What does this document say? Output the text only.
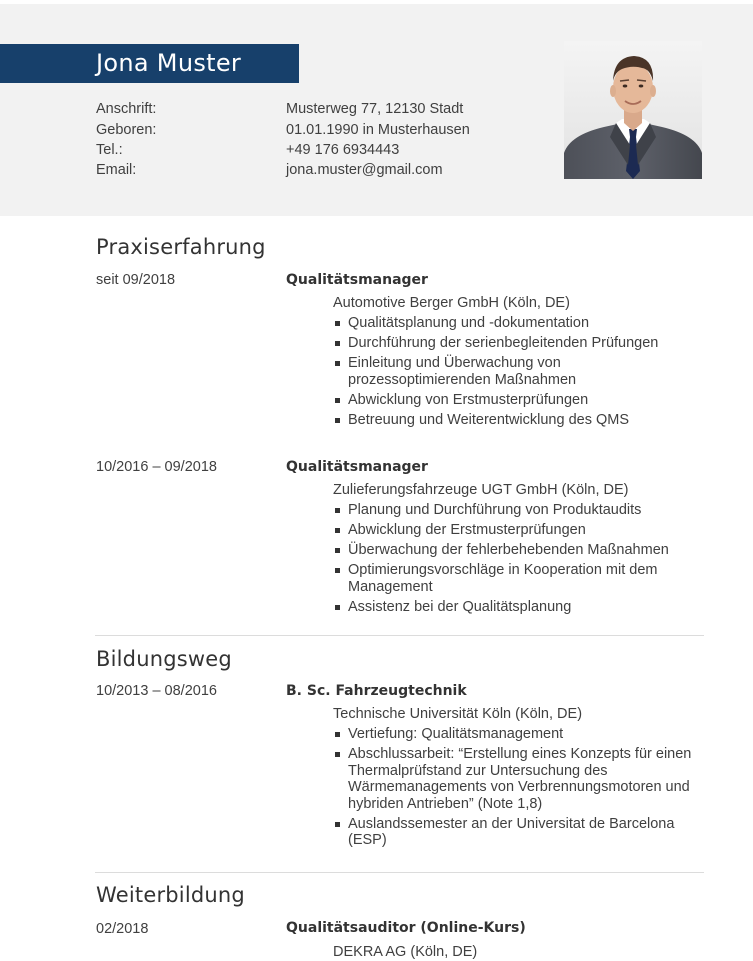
Jona Muster
Anschrift:	Musterweg 77, 12130 Stadt
Geboren:	01.01.1990 in Musterhausen
Tel.:	+49 176 6934443
Email:	jona.muster@gmail.com
Praxiserfahrung
seit 09/2018	Qualitätsmanager
Automotive Berger GmbH (Köln, DE)
Qualitätsplanung und -dokumentation
Durchführung der serienbegleitenden Prüfungen
Einleitung und Überwachung von prozessoptimierenden Maßnahmen
Abwicklung von Erstmusterprüfungen
Betreuung und Weiterentwicklung des QMS
10/2016 – 09/2018	Qualitätsmanager
Zulieferungsfahrzeuge UGT GmbH (Köln, DE)
Planung und Durchführung von Produktaudits
Abwicklung der Erstmusterprüfungen
Überwachung der fehlerbehebenden Maßnahmen
Optimierungsvorschläge in Kooperation mit dem Management
Assistenz bei der Qualitätsplanung
Bildungsweg
10/2013 – 08/2016	B. Sc. Fahrzeugtechnik
Technische Universität Köln (Köln, DE)
Vertiefung: Qualitätsmanagement
Abschlussarbeit: “Erstellung eines Konzepts für einen Thermalprüfstand zur Untersuchung des Wärmemanagements von Verbrennungsmotoren und hybriden Antrieben” (Note 1,8)
Auslandssemester an der Universitat de Barcelona (ESP)
Weiterbildung
02/2018	Qualitätsauditor (Online-Kurs)
DEKRA AG (Köln, DE)
